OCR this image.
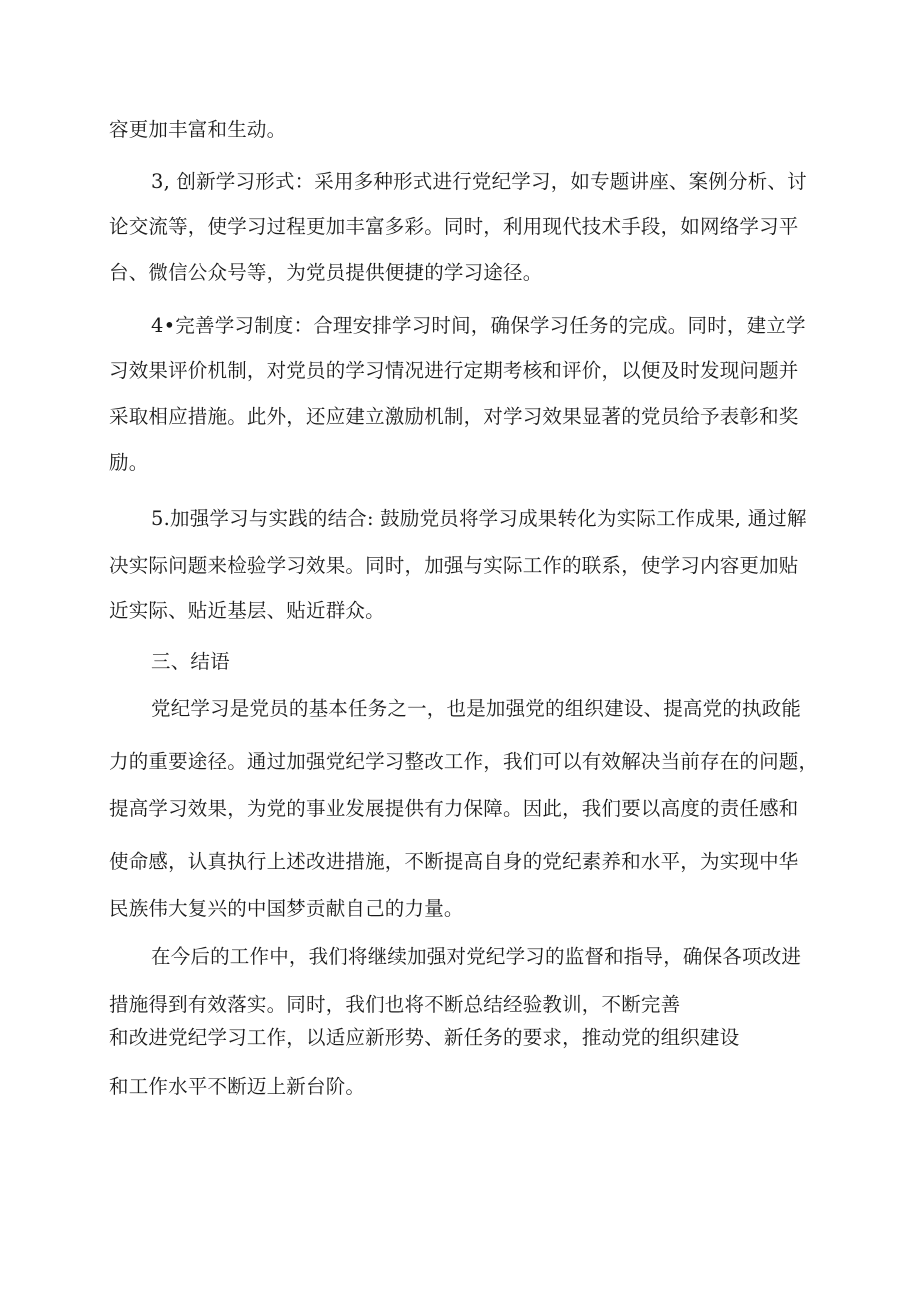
容更加丰富和生动。
3, 创新学习形式：采用多种形式进行党纪学习，如专题讲座、案例分析、讨
论交流等，使学习过程更加丰富多彩。同时，利用现代技术手段，如网络学习平
台、微信公众号等，为党员提供便捷的学习途径。
4•完善学习制度：合理安排学习时间，确保学习任务的完成。同时，建立学
习效果评价机制，对党员的学习情况进行定期考核和评价，以便及时发现问题并
采取相应措施。此外，还应建立激励机制，对学习效果显著的党员给予表彰和奖
励。
5.加强学习与实践的结合: 鼓励党员将学习成果转化为实际工作成果, 通过解
决实际问题来检验学习效果。同时，加强与实际工作的联系，使学习内容更加贴
近实际、贴近基层、贴近群众。
三、结语
党纪学习是党员的基本任务之一，也是加强党的组织建设、提高党的执政能
力的重要途径。通过加强党纪学习整改工作，我们可以有效解决当前存在的问题，
提高学习效果，为党的事业发展提供有力保障。因此，我们要以高度的责任感和
使命感，认真执行上述改进措施，不断提高自身的党纪素养和水平，为实现中华
民族伟大复兴的中国梦贡献自己的力量。
在今后的工作中，我们将继续加强对党纪学习的监督和指导，确保各项改进
措施得到有效落实。同时，我们也将不断总结经验教训，不断完善
和改进党纪学习工作，以适应新形势、新任务的要求，推动党的组织建设
和工作水平不断迈上新台阶。
